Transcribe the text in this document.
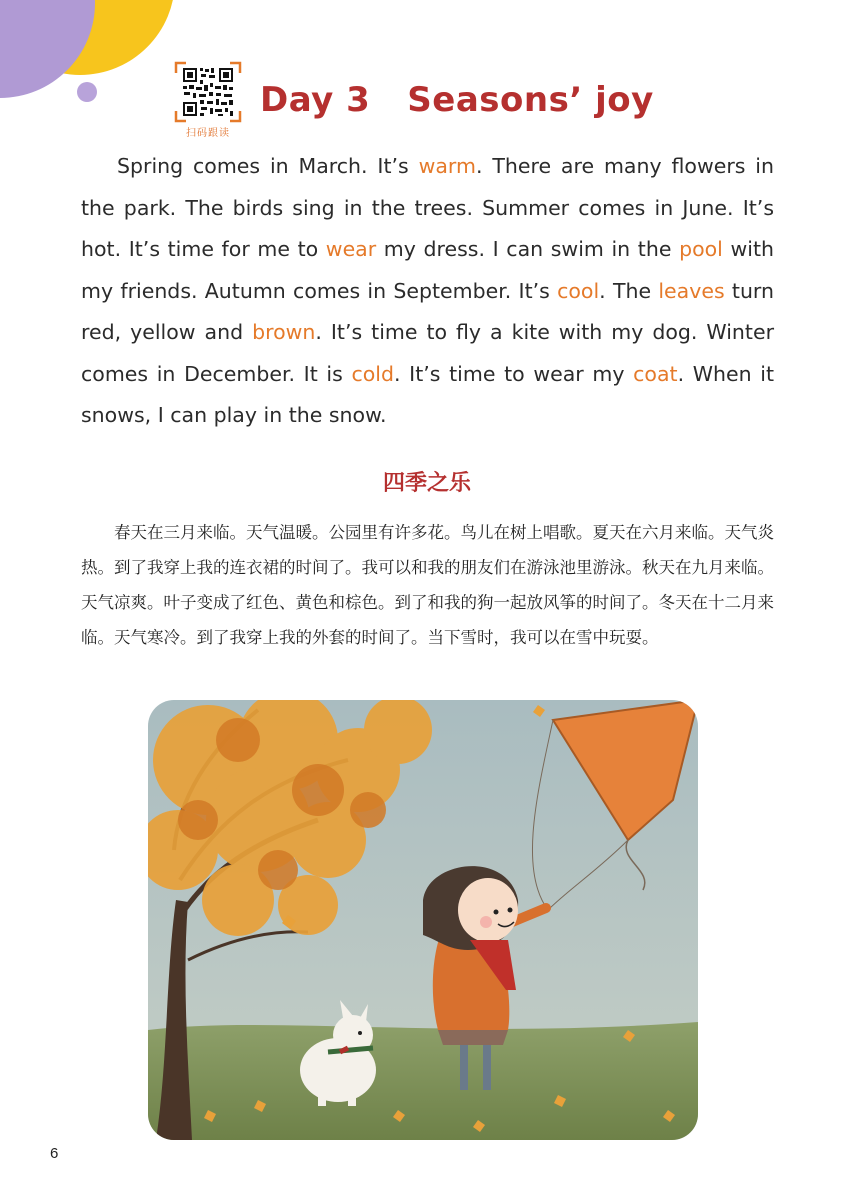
扫码跟读
Day 3   Seasons’ joy

Spring comes in March. It’s warm. There are many flowers in the park. The birds sing in the trees. Summer comes in June. It’s hot. It’s time for me to wear my dress. I can swim in the pool with my friends. Autumn comes in September. It’s cool. The leaves turn red, yellow and brown. It’s time to fly a kite with my dog. Winter comes in December. It is cold. It’s time to wear my coat. When it snows, I can play in the snow.

四季之乐

春天在三月来临。天气温暖。公园里有许多花。鸟儿在树上唱歌。夏天在六月来临。天气炎热。到了我穿上我的连衣裙的时间了。我可以和我的朋友们在游泳池里游泳。秋天在九月来临。天气凉爽。叶子变成了红色、黄色和棕色。到了和我的狗一起放风筝的时间了。冬天在十二月来临。天气寒冷。到了我穿上我的外套的时间了。当下雪时，我可以在雪中玩耍。

6
